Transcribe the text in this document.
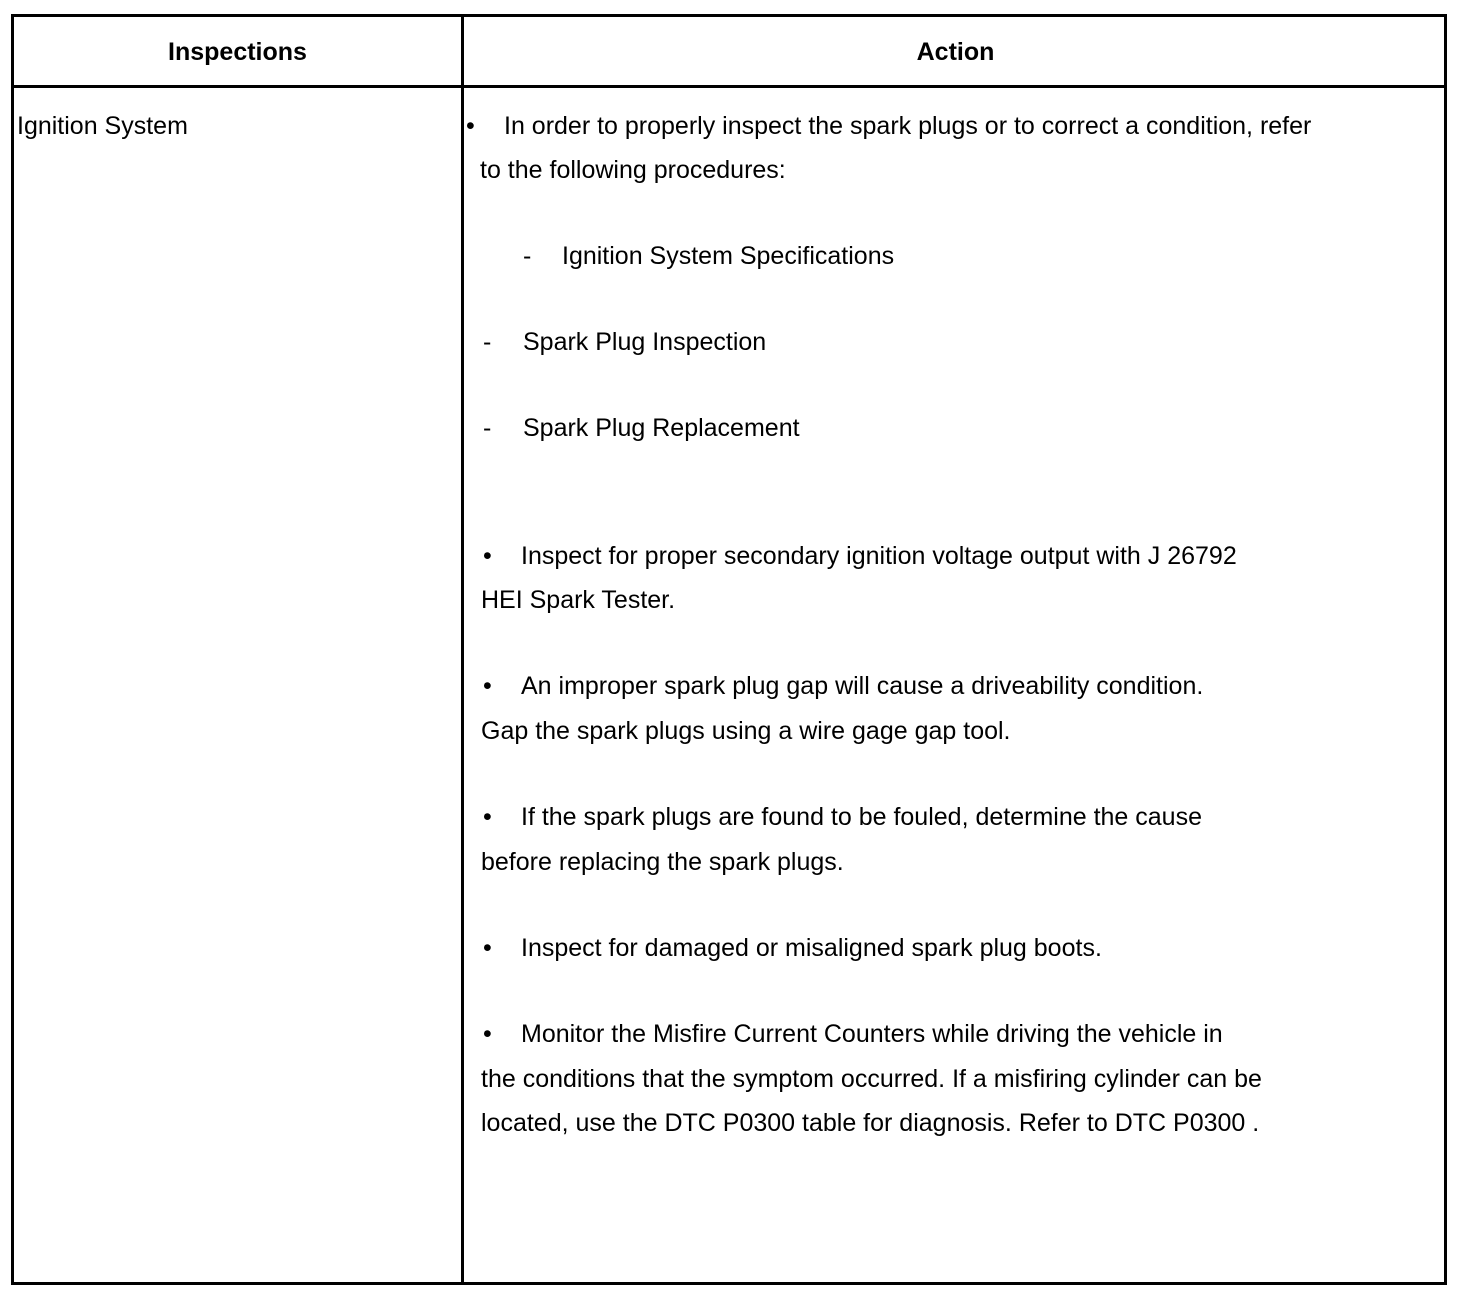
Inspections	Action
Ignition System	• In order to properly inspect the spark plugs or to correct a condition, refer
to the following procedures:
- Ignition System Specifications
- Spark Plug Inspection
- Spark Plug Replacement
• Inspect for proper secondary ignition voltage output with J 26792
HEI Spark Tester.
• An improper spark plug gap will cause a driveability condition.
Gap the spark plugs using a wire gage gap tool.
• If the spark plugs are found to be fouled, determine the cause
before replacing the spark plugs.
• Inspect for damaged or misaligned spark plug boots.
• Monitor the Misfire Current Counters while driving the vehicle in
the conditions that the symptom occurred. If a misfiring cylinder can be
located, use the DTC P0300 table for diagnosis. Refer to DTC P0300 .
